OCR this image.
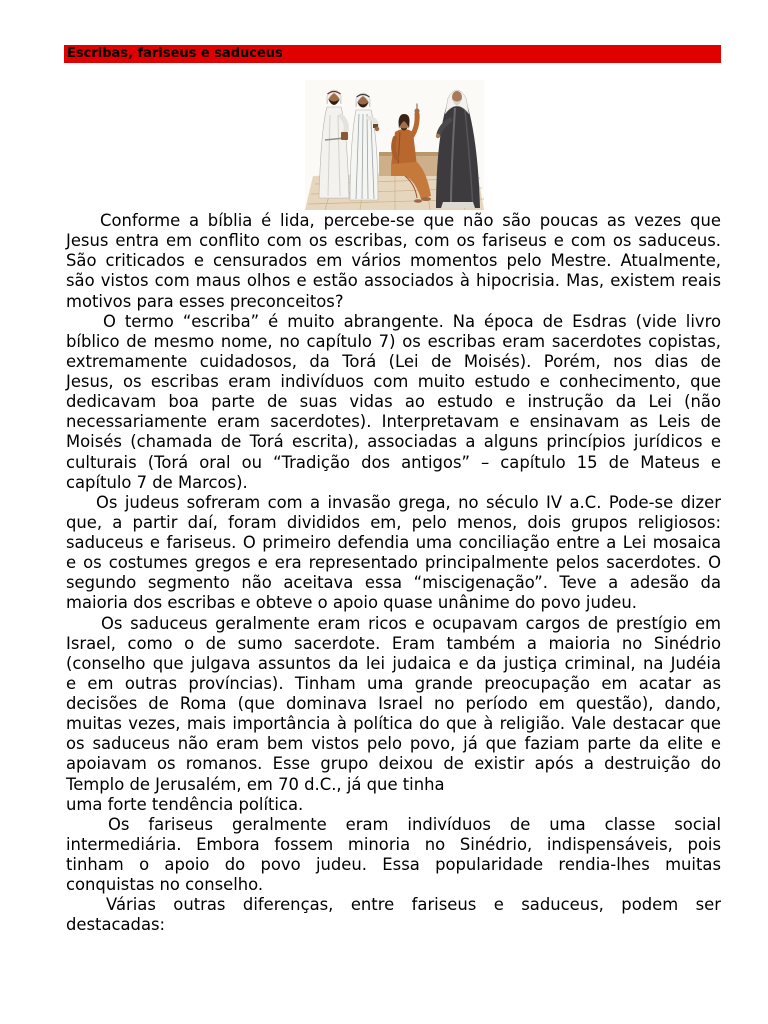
Escribas, fariseus e saduceus
Conforme a bíblia é lida, percebe-se que não são poucas as vezes que
Jesus entra em conflito com os escribas, com os fariseus e com os saduceus.
São criticados e censurados em vários momentos pelo Mestre. Atualmente,
são vistos com maus olhos e estão associados à hipocrisia. Mas, existem reais
motivos para esses preconceitos?
O termo “escriba” é muito abrangente. Na época de Esdras (vide livro
bíblico de mesmo nome, no capítulo 7) os escribas eram sacerdotes copistas,
extremamente cuidadosos, da Torá (Lei de Moisés). Porém, nos dias de
Jesus, os escribas eram indivíduos com muito estudo e conhecimento, que
dedicavam boa parte de suas vidas ao estudo e instrução da Lei (não
necessariamente eram sacerdotes). Interpretavam e ensinavam as Leis de
Moisés (chamada de Torá escrita), associadas a alguns princípios jurídicos e
culturais (Torá oral ou “Tradição dos antigos” – capítulo 15 de Mateus e
capítulo 7 de Marcos).
Os judeus sofreram com a invasão grega, no século IV a.C. Pode-se dizer
que, a partir daí, foram divididos em, pelo menos, dois grupos religiosos:
saduceus e fariseus. O primeiro defendia uma conciliação entre a Lei mosaica
e os costumes gregos e era representado principalmente pelos sacerdotes. O
segundo segmento não aceitava essa “miscigenação”. Teve a adesão da
maioria dos escribas e obteve o apoio quase unânime do povo judeu.
Os saduceus geralmente eram ricos e ocupavam cargos de prestígio em
Israel, como o de sumo sacerdote. Eram também a maioria no Sinédrio
(conselho que julgava assuntos da lei judaica e da justiça criminal, na Judéia
e em outras províncias). Tinham uma grande preocupação em acatar as
decisões de Roma (que dominava Israel no período em questão), dando,
muitas vezes, mais importância à política do que à religião. Vale destacar que
os saduceus não eram bem vistos pelo povo, já que faziam parte da elite e
apoiavam os romanos. Esse grupo deixou de existir após a destruição do
Templo de Jerusalém, em 70 d.C., já que tinha
uma forte tendência política.
Os fariseus geralmente eram indivíduos de uma classe social
intermediária. Embora fossem minoria no Sinédrio, indispensáveis, pois
tinham o apoio do povo judeu. Essa popularidade rendia-lhes muitas
conquistas no conselho.
Várias outras diferenças, entre fariseus e saduceus, podem ser
destacadas:
